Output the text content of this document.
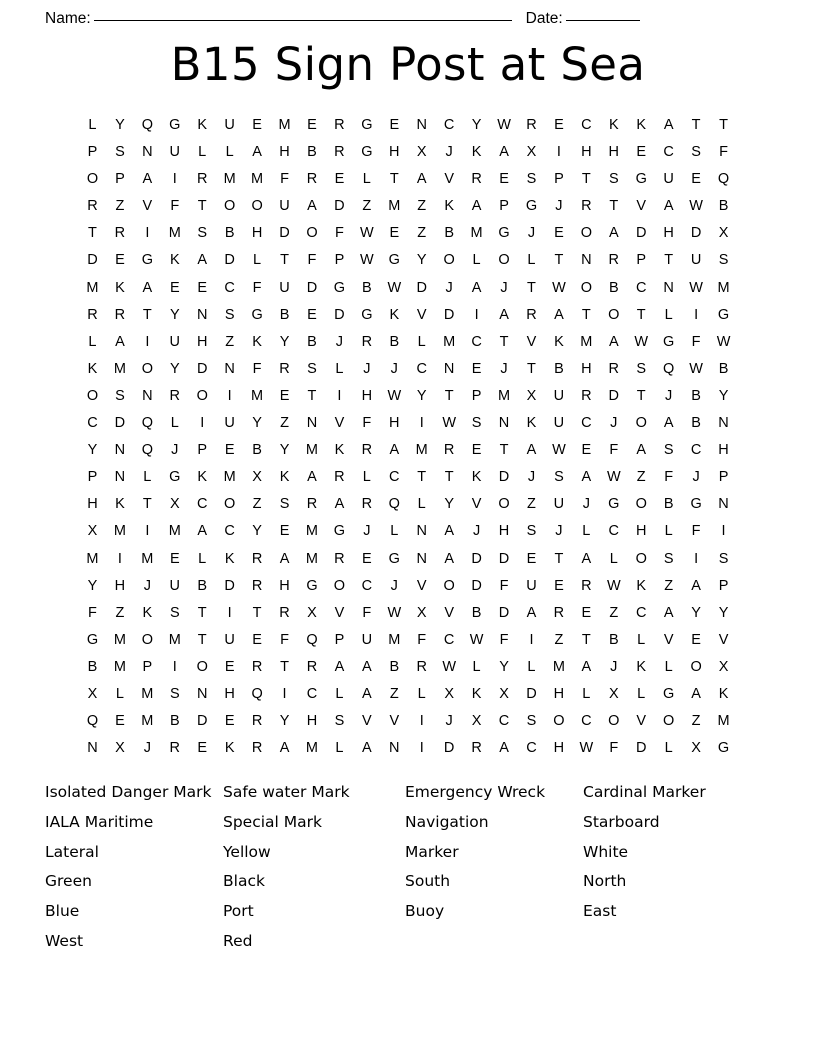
Name:	Date:
B15 Sign Post at Sea
L	Y	Q	G	K	U	E	M	E	R	G	E	N	C	Y	W	R	E	C	K	K	A	T	T
P	S	N	U	L	L	A	H	B	R	G	H	X	J	K	A	X	I	H	H	E	C	S	F
O	P	A	I	R	M	M	F	R	E	L	T	A	V	R	E	S	P	T	S	G	U	E	Q
R	Z	V	F	T	O	O	U	A	D	Z	M	Z	K	A	P	G	J	R	T	V	A	W	B
T	R	I	M	S	B	H	D	O	F	W	E	Z	B	M	G	J	E	O	A	D	H	D	X
D	E	G	K	A	D	L	T	F	P	W	G	Y	O	L	O	L	T	N	R	P	T	U	S
M	K	A	E	E	C	F	U	D	G	B	W	D	J	A	J	T	W	O	B	C	N	W	M
R	R	T	Y	N	S	G	B	E	D	G	K	V	D	I	A	R	A	T	O	T	L	I	G
L	A	I	U	H	Z	K	Y	B	J	R	B	L	M	C	T	V	K	M	A	W	G	F	W
K	M	O	Y	D	N	F	R	S	L	J	J	C	N	E	J	T	B	H	R	S	Q	W	B
O	S	N	R	O	I	M	E	T	I	H	W	Y	T	P	M	X	U	R	D	T	J	B	Y
C	D	Q	L	I	U	Y	Z	N	V	F	H	I	W	S	N	K	U	C	J	O	A	B	N
Y	N	Q	J	P	E	B	Y	M	K	R	A	M	R	E	T	A	W	E	F	A	S	C	H
P	N	L	G	K	M	X	K	A	R	L	C	T	T	K	D	J	S	A	W	Z	F	J	P
H	K	T	X	C	O	Z	S	R	A	R	Q	L	Y	V	O	Z	U	J	G	O	B	G	N
X	M	I	M	A	C	Y	E	M	G	J	L	N	A	J	H	S	J	L	C	H	L	F	I
M	I	M	E	L	K	R	A	M	R	E	G	N	A	D	D	E	T	A	L	O	S	I	S
Y	H	J	U	B	D	R	H	G	O	C	J	V	O	D	F	U	E	R	W	K	Z	A	P
F	Z	K	S	T	I	T	R	X	V	F	W	X	V	B	D	A	R	E	Z	C	A	Y	Y
G	M	O	M	T	U	E	F	Q	P	U	M	F	C	W	F	I	Z	T	B	L	V	E	V
B	M	P	I	O	E	R	T	R	A	A	B	R	W	L	Y	L	M	A	J	K	L	O	X
X	L	M	S	N	H	Q	I	C	L	A	Z	L	X	K	X	D	H	L	X	L	G	A	K
Q	E	M	B	D	E	R	Y	H	S	V	V	I	J	X	C	S	O	C	O	V	O	Z	M
N	X	J	R	E	K	R	A	M	L	A	N	I	D	R	A	C	H	W	F	D	L	X	G
Isolated Danger Mark
IALA Maritime
Lateral
Green
Blue
West
Safe water Mark
Special Mark
Yellow
Black
Port
Red
Emergency Wreck
Navigation
Marker
South
Buoy
Cardinal Marker
Starboard
White
North
East
